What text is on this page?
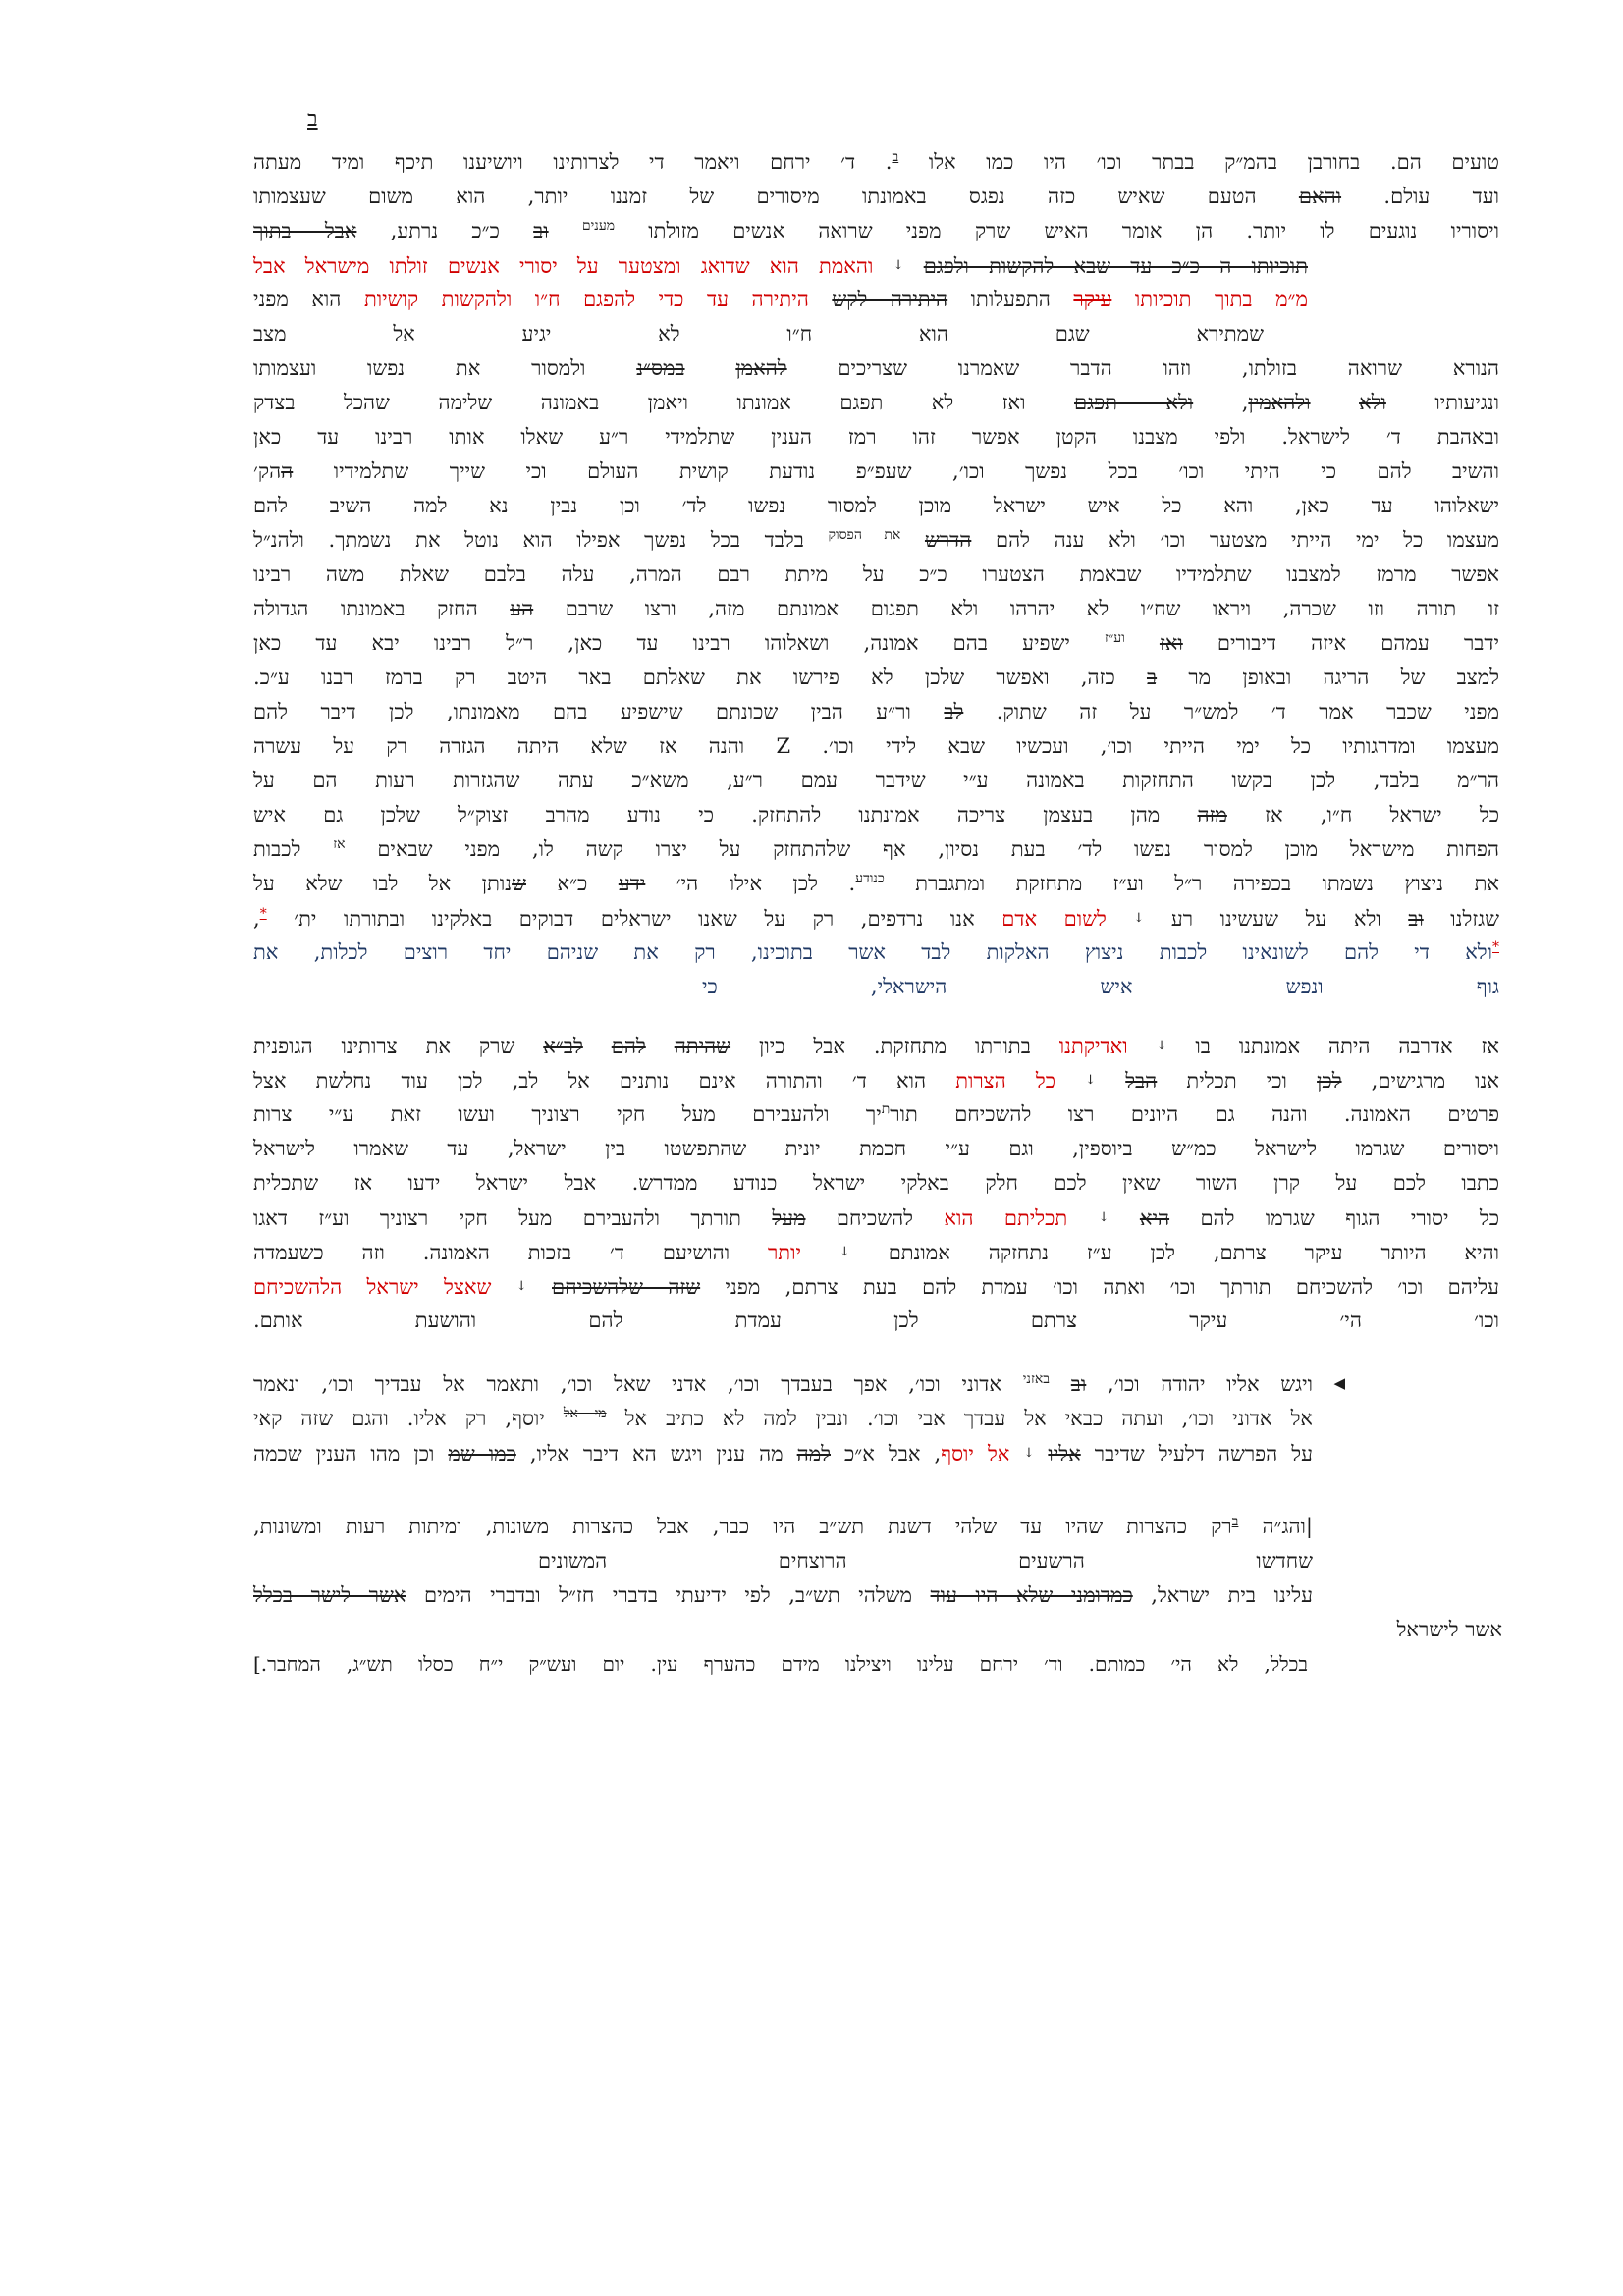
ב
◀
טועים הם. בחורבן בהמ״ק בבתר וכו׳ היו כמו אלו $^ב$. ד׳ ירחם ויאמר די לצרותינו ויושיענו תיכף ומיד מעתה
ועד עולם. והאם הטעם שאיש כזה נפגס באמונתו מיסורים של זמננו יותר, הוא משום שעצמותו
ויסוריו נוגעים לו יותר. הן אומר האיש שרק מפני שרואה אנשים מזולתו $^{מענים}$ וב כ״כ נרתע, אבל בתוך
תוכיותו ה כ״כ עד שבא להקשות ולפגם ↓ והאמת הוא שדואג ומצטער על יסורי אנשים זולתו מישראל אבל
מ״מ בתוך תוכיותו עיקר התפעלותו היתירה לקש היתירה עד כדי להפגם ח״ו ולהקשות קושיות הוא מפני
שמתירא שגם הוא ח״ו לא יגיע אל מצב
הנורא שרואה בזולתו, וזהו הדבר שאמרנו שצריכים להאמן במס״נ ולמסור את נפשו ועצמותו
ונגיעותיו ולא ולהאמין, ולא תפגם ואז לא תפגם אמונתו ויאמן באמונה שלימה שהכל בצדק
ובאהבת ד׳ לישראל. ולפי מצבנו הקטן אפשר זהו רמז הענין שתלמידי ר״ע שאלו אותו רבינו עד כאן
והשיב להם כי היתי וכו׳ בכל נפשך וכו׳, שעפ״פ נודעת קושית העולם וכי שייך שתלמידיו ההק׳
ישאלוהו עד כאן, והא כל איש ישראל מוכן למסור נפשו לד׳ וכן נבין נא למה השיב להם
מעצמו כל ימי הייתי מצטער וכו׳ ולא ענה להם הדרש $^{את הפסוק}$ בלבד בכל נפשך אפילו הוא נוטל את נשמתך. ולהנ״ל
אפשר מרמז למצבנו שתלמידיו שבאמת הצטערו כ״כ על מיתת רבם המרה, עלה בלבם שאלת משה רבינו
זו תורה וזו שכרה, ויראו שח״ו לא יהרהו ולא תפגום אמונתם מזה, ורצו שרבם הע החזק באמונתו הגדולה
ידבר עמהם איזה דיבורים ואז $^{וע״ז}$ ישפיע בהם אמונה, ושאלוהו רבינו עד כאן, ר״ל רבינו יבא עד כאן
למצב של הריגה ובאופן מר ב כזה, ואפשר שלכן לא פירשו את שאלתם באר היטב רק ברמז רבנו ע״כ.
מפני שכבר אמר ד׳ למש״ר על זה שתוק. לב ור״ע הבין שכונתם שישפיע בהם מאמונתו, לכן דיבר להם
מעצמו ומדרגותיו כל ימי הייתי וכו׳, ועכשיו שבא לידי וכו׳. Z והנה אז שלא היתה הגזרה רק על עשרה
הר״מ בלבד, לכן בקשו התחזקות באמונה ע״י שידבר עמם ר״ע, משא״כ עתה שהגזרות רעות הם על
כל ישראל ח״ו, אז מזה מהן בעצמן צריכה אמונתנו להתחזק. כי נודע מהרב זצוק״ל שלכן גם איש
הפחות מישראל מוכן למסור נפשו לד׳ בעת נסיון, אף שלהתחזק על יצרו קשה לו, מפני שבאים $^{אז}$ לכבות
את ניצוץ נשמתו בכפירה ר״ל וע״ז מתחזקת ומתגברת $^{כנודע}$. לכן אילו הי׳ ידע כ״א שנותן אל לבו שלא על
שגזלנו וב ולא על שעשינו רע ↓ לשום אדם אנו נרדפים, רק על שאנו ישראלים דבוקים באלקינו ובתורתו ית׳ *,
*ולא די להם לשונאינו לכבות ניצוץ האלקות לבד אשר בתוכינו, רק את שניהם יחד רוצים לכלות, את
גוף ונפש איש הישראלי, כי
אז אדרבה היתה אמונתנו בו ↓ ואדיקתנו בתורתו מתחזקת. אבל כיון שהיתה להם לב״א שרק את צרותינו הגופנית
אנו מרגישים, לכן וכי תכלית הבל ↓ כל הצרות הוא ד׳ והתורה אינם נותנים אל לב, לכן עוד נחלשת אצל
פרטים האמונה. והנה גם היונים רצו להשכיחם תור$^ת$יך ולהעבירם מעל חקי רצוניך ועשו זאת ע״י צרות
ויסורים שגרמו לישראל כמ״ש ביוספין, וגם ע״י חכמת יונית שהתפשטו בין ישראל, עד שאמרו לישראל
כתבו לכם על קרן השור שאין לכם חלק באלקי ישראל כנודע ממדרש. אבל ישראל ידעו אז שתכלית
כל יסורי הגוף שגרמו להם היא ↓ תכליתם הוא להשכיחם מעל תורתך ולהעבירם מעל חקי רצוניך וע״ז דאגו
והיא היותר עיקר צרתם, לכן ע״ז נתחזקה אמונתם ↓ יותר והושיעם ד׳ בזכות האמונה. וזה כשעמדה
עליהם וכו׳ להשכיחם תורתך וכו׳ ואתה וכו׳ עמדת להם בעת צרתם, מפני שזה שלהשכיחם ↓ שאצל ישראל הלהשכיחם
וכו׳ הי׳ עיקר צרתם לכן עמדת להם והושעת אותם.
ויגש אליו יהודה וכו׳, וב $^{באזני}$ אדוני וכו׳, אפך בעבדך וכו׳, אדני שאל וכו׳, ותאמר אל עבדיך וכו׳, ונאמר
אל אדוני וכו׳, ועתה כבאי אל עבדך אבי וכו׳. ונבין למה לא כתיב אל $^{מי אל}$ יוסף, רק אליו. והגם שזה קאי
על הפרשה דלעיל שדיבר אליו ↓ אל יוסף, אבל א״כ למה מה ענין ויגש הא דיבר אליו, כמו שמ וכן מהו הענין שכמה
|והג״ה $^ב$רק כהצרות שהיו עד שלהי דשנת תש״ב היו כבר, אבל כהצרות משונות, ומיתות רעות ומשונות,
שחדשו הרשעים הרוצחים המשונים
עלינו בית ישראל, כמדומני שלא היו עוד משלהי תש״ב, לפי ידיעתי בדברי חז״ל ובדברי הימים אשר לישר בכלל
אשר לישראל
בכלל, לא הי׳ כמותם. וד׳ ירחם עלינו ויצילנו מידם כהערף עין. יום ועש״ק י״ח כסלו תש״ג, המחבר.]
